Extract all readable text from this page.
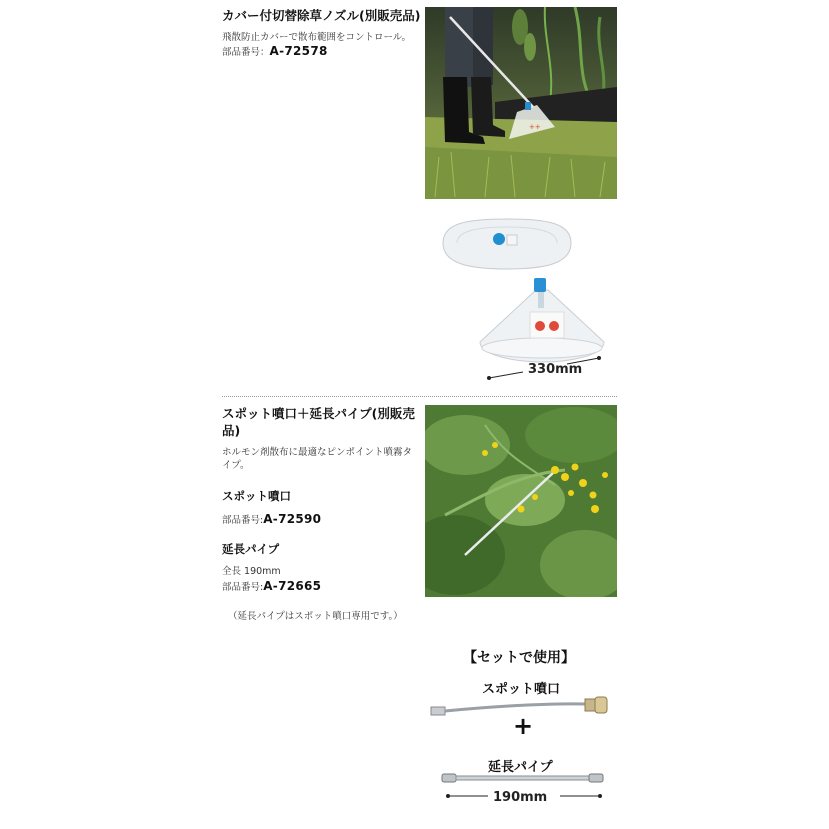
カバー付切替除草ノズル(別販売品)
飛散防止カバーで散布範囲をコントロール。
部品番号：A-72578
++
330mm
スポット噴口＋延長パイプ(別販売
品)
ホルモン剤散布に最適なピンポイント噴霧タイプ。
スポット噴口
部品番号:A-72590
延長パイプ
全長 190mm
部品番号:A-72665
（延長パイプはスポット噴口専用です。）
【セットで使用】
スポット噴口
+
延長パイプ
190mm
